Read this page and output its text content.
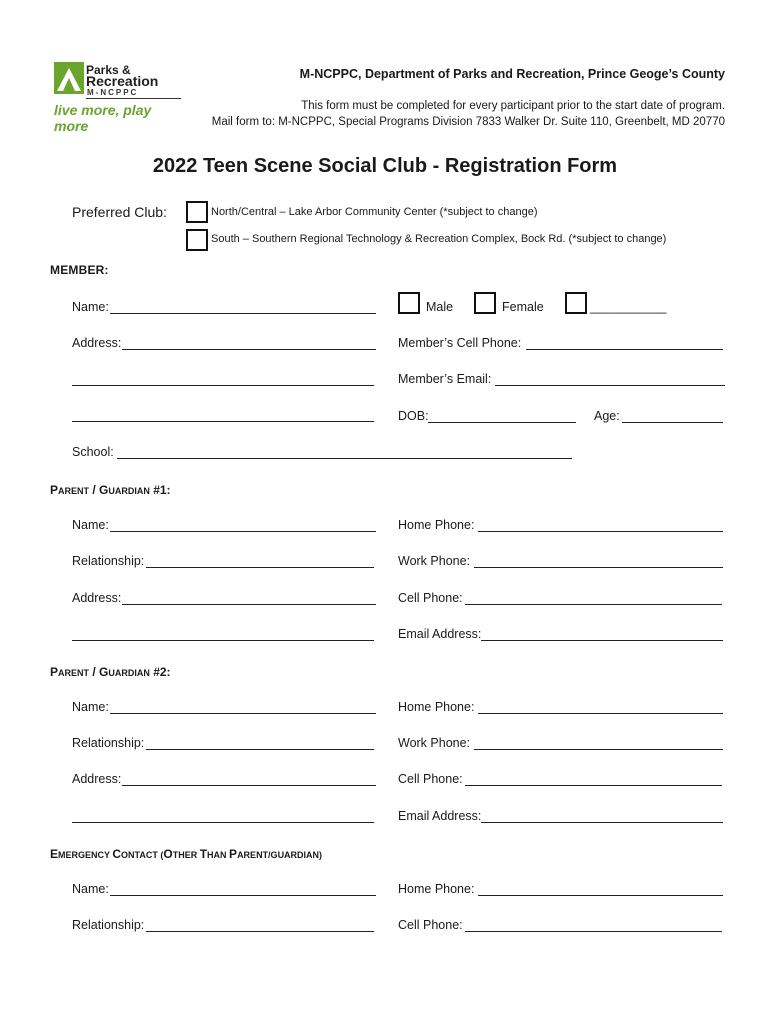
Parks &
Recreation
M-NCPPC
live more, play more
M-NCPPC, Department of Parks and Recreation, Prince Geoge’s County
This form must be completed for every participant prior to the start date of program.
Mail form to: M-NCPPC, Special Programs Division 7833 Walker Dr. Suite 110, Greenbelt, MD 20770
2022 Teen Scene Social Club - Registration Form
Preferred Club:	North/Central – Lake Arbor Community Center (*subject to change)
South – Southern Regional Technology & Recreation Complex, Bock Rd. (*subject to change)
MEMBER:
Name:	Male	Female	___________
Address:	Member’s Cell Phone:
Member’s Email:
DOB:	Age:
School:
PARENT / GUARDIAN #1:
Name:	Home Phone:
Relationship:	Work Phone:
Address:	Cell Phone:
Email Address:
PARENT / GUARDIAN #2:
Name:	Home Phone:
Relationship:	Work Phone:
Address:	Cell Phone:
Email Address:
EMERGENCY CONTACT (OTHER THAN PARENT/GUARDIAN)
Name:	Home Phone:
Relationship:	Cell Phone:
